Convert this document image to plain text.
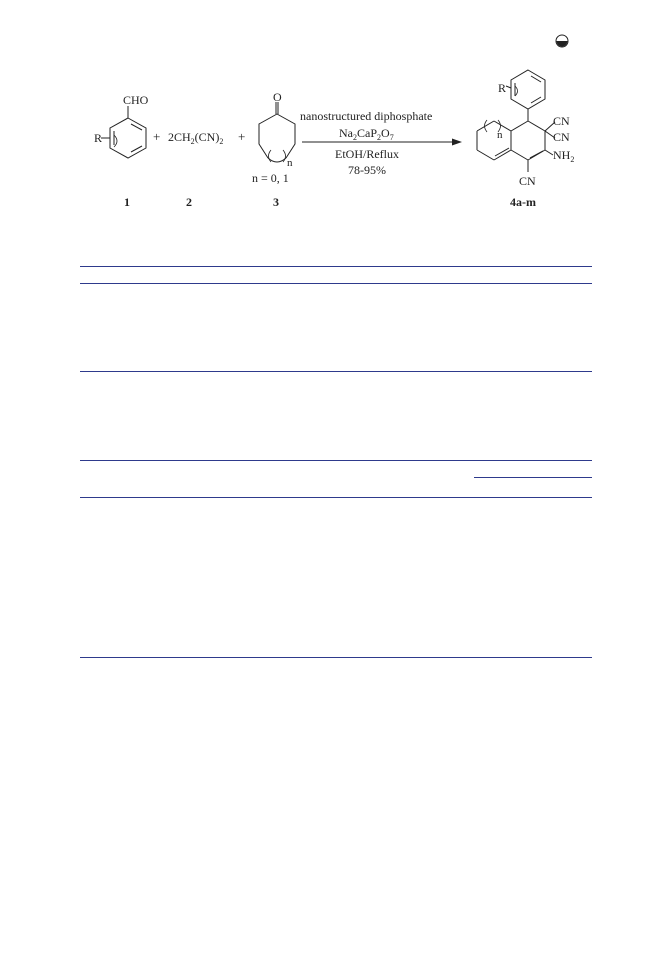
CHO
R	+ $2CH_2(CN)_2$ +
O
n
n = 0, 1
nanostructured diphosphate
$Na_2CaP_2O_7$
EtOH/Reflux
78-95%
R
n
CN
CN
$NH_2$
CN
1	2	3	4a-m
